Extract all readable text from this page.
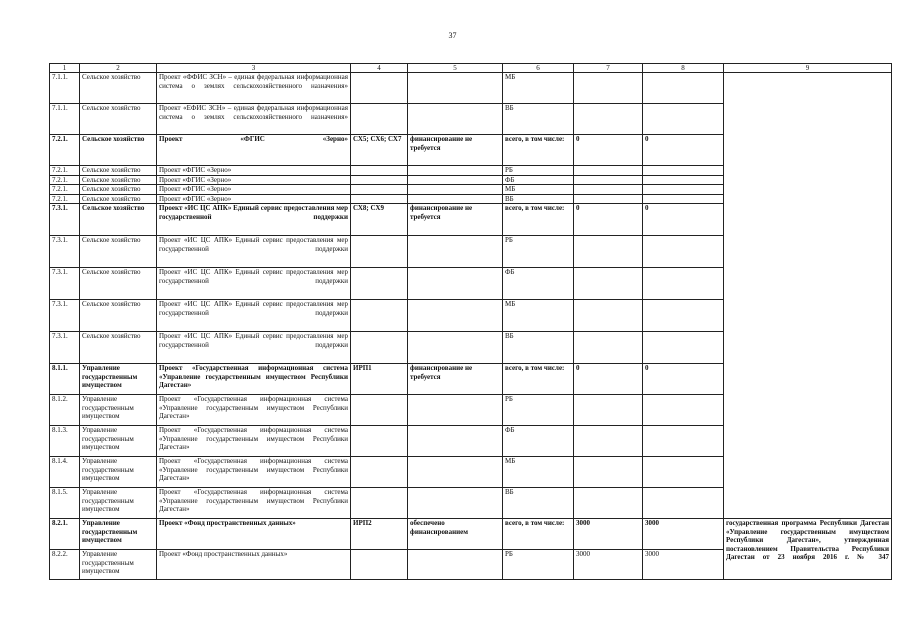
37
1	2	3	4	5	6	7	8	9
7.1.1.	Сельское хозяйство	Проект «ФФИС ЗСН» – единая федеральная информационная система о землях сельскохозяйственного назначения»			МБ			
7.1.1.	Сельское хозяйство	Проект «ЕФИС ЗСН» – единая федеральная информационная система о землях сельскохозяйственного назначения»			ВБ			
7.2.1.	Сельское хозяйство	Проект «ФГИС «Зерно»	СХ5; СХ6; СХ7	финансирование не требуется	всего, в том числе:	0	0	
7.2.1.	Сельское хозяйство	Проект «ФГИС «Зерно»			РБ			
7.2.1.	Сельское хозяйство	Проект «ФГИС «Зерно»			ФБ			
7.2.1.	Сельское хозяйство	Проект «ФГИС «Зерно»			МБ			
7.2.1.	Сельское хозяйство	Проект «ФГИС «Зерно»			ВБ			
7.3.1.	Сельское хозяйство	Проект «ИС ЦС АПК» Единый сервис предоставления мер государственной поддержки	СХ8; СХ9	финансирование не требуется	всего, в том числе:	0	0	
7.3.1.	Сельское хозяйство	Проект «ИС ЦС АПК» Единый сервис предоставления мер государственной поддержки			РБ			
7.3.1.	Сельское хозяйство	Проект «ИС ЦС АПК» Единый сервис предоставления мер государственной поддержки			ФБ			
7.3.1.	Сельское хозяйство	Проект «ИС ЦС АПК» Единый сервис предоставления мер государственной поддержки			МБ			
7.3.1.	Сельское хозяйство	Проект «ИС ЦС АПК» Единый сервис предоставления мер государственной поддержки			ВБ			
8.1.1.	Управление государственным имуществом	Проект «Государственная информационная система «Управление государственным имуществом Республики Дагестан»	ИРП1	финансирование не требуется	всего, в том числе:	0	0	
8.1.2.	Управление государственным имуществом	Проект «Государственная информационная система «Управление государственным имуществом Республики Дагестан»			РБ			
8.1.3.	Управление государственным имуществом	Проект «Государственная информационная система «Управление государственным имуществом Республики Дагестан»			ФБ			
8.1.4.	Управление государственным имуществом	Проект «Государственная информационная система «Управление государственным имуществом Республики Дагестан»			МБ			
8.1.5.	Управление государственным имуществом	Проект «Государственная информационная система «Управление государственным имуществом Республики Дагестан»			ВБ			
8.2.1.	Управление государственным имуществом	Проект «Фонд пространственных данных»	ИРП2	обеспечено финансированием	всего, в том числе:	3000	3000	государственная программа Республики Дагестан «Управление государственным имуществом Республики Дагестан», утвержденная постановлением Правительства Республики Дагестан от 23 ноября 2016 г. № 347
8.2.2.	Управление государственным имуществом	Проект «Фонд пространственных данных»			РБ	3000	3000	
